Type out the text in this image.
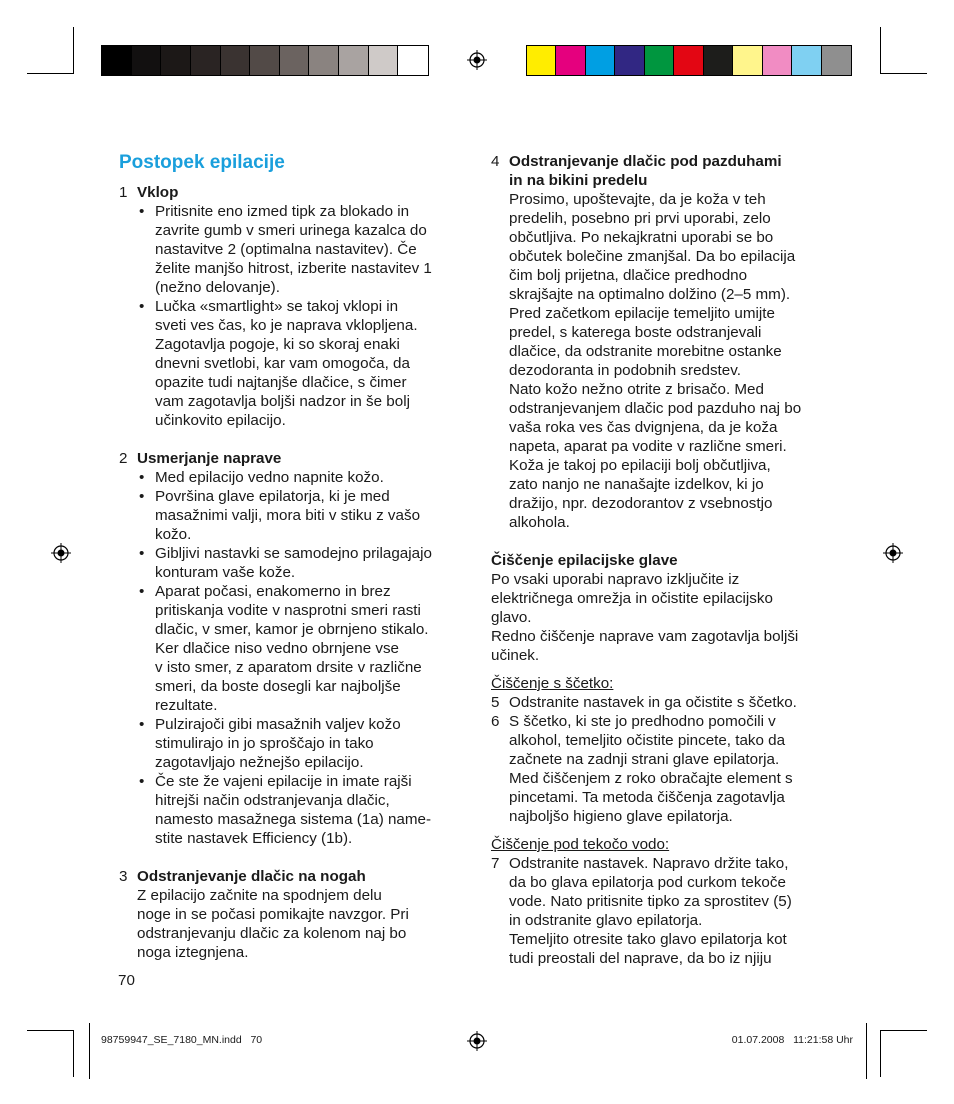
Postopek epilacije
1 Vklop
• Pritisnite eno izmed tipk za blokado in
zavrite gumb v smeri urinega kazalca do
nastavitve 2 (optimalna nastavitev). Če
želite manjšo hitrost, izberite nastavitev 1
(nežno delovanje).
• Lučka «smartlight» se takoj vklopi in
sveti ves čas, ko je naprava vklopljena.
Zagotavlja pogoje, ki so skoraj enaki
dnevni svetlobi, kar vam omogoča, da
opazite tudi najtanjše dlačice, s čimer
vam zagotavlja boljši nadzor in še bolj
učinkovito epilacijo.
2 Usmerjanje naprave
• Med epilacijo vedno napnite kožo.
• Površina glave epilatorja, ki je med
masažnimi valji, mora biti v stiku z vašo
kožo.
• Gibljivi nastavki se samodejno prilagajajo
konturam vaše kože.
• Aparat počasi, enakomerno in brez
pritiskanja vodite v nasprotni smeri rasti
dlačic, v smer, kamor je obrnjeno stikalo.
Ker dlačice niso vedno obrnjene vse
v isto smer, z aparatom drsite v različne
smeri, da boste dosegli kar najboljše
rezultate.
• Pulzirajoči gibi masažnih valjev kožo
stimulirajo in jo sproščajo in tako
zagotavljajo nežnejšo epilacijo.
• Če ste že vajeni epilacije in imate rajši
hitrejši način odstranjevanja dlačic,
namesto masažnega sistema (1a) name-
stite nastavek Efficiency (1b).
3 Odstranjevanje dlačic na nogah
Z epilacijo začnite na spodnjem delu
noge in se počasi pomikajte navzgor. Pri
odstranjevanju dlačic za kolenom naj bo
noga iztegnjena.
70
4 Odstranjevanje dlačic pod pazduhami
in na bikini predelu
Prosimo, upoštevajte, da je koža v teh
predelih, posebno pri prvi uporabi, zelo
občutljiva. Po nekajkratni uporabi se bo
občutek bolečine zmanjšal. Da bo epilacija
čim bolj prijetna, dlačice predhodno
skrajšajte na optimalno dolžino (2–5 mm).
Pred začetkom epilacije temeljito umijte
predel, s katerega boste odstranjevali
dlačice, da odstranite morebitne ostanke
dezodoranta in podobnih sredstev.
Nato kožo nežno otrite z brisačo. Med
odstranjevanjem dlačic pod pazduho naj bo
vaša roka ves čas dvignjena, da je koža
napeta, aparat pa vodite v različne smeri.
Koža je takoj po epilaciji bolj občutljiva,
zato nanjo ne nanašajte izdelkov, ki jo
dražijo, npr. dezodorantov z vsebnostjo
alkohola.
Čiščenje epilacijske glave
Po vsaki uporabi napravo izključite iz
električnega omrežja in očistite epilacijsko
glavo.
Redno čiščenje naprave vam zagotavlja boljši
učinek.
Čiščenje s ščetko:
5 Odstranite nastavek in ga očistite s ščetko.
6 S ščetko, ki ste jo predhodno pomočili v
alkohol, temeljito očistite pincete, tako da
začnete na zadnji strani glave epilatorja.
Med čiščenjem z roko obračajte element s
pincetami. Ta metoda čiščenja zagotavlja
najboljšo higieno glave epilatorja.
Čiščenje pod tekočo vodo:
7 Odstranite nastavek. Napravo držite tako,
da bo glava epilatorja pod curkom tekoče
vode. Nato pritisnite tipko za sprostitev (5)
in odstranite glavo epilatorja.
Temeljito otresite tako glavo epilatorja kot
tudi preostali del naprave, da bo iz njiju
98759947_SE_7180_MN.indd   70	01.07.2008   11:21:58 Uhr
